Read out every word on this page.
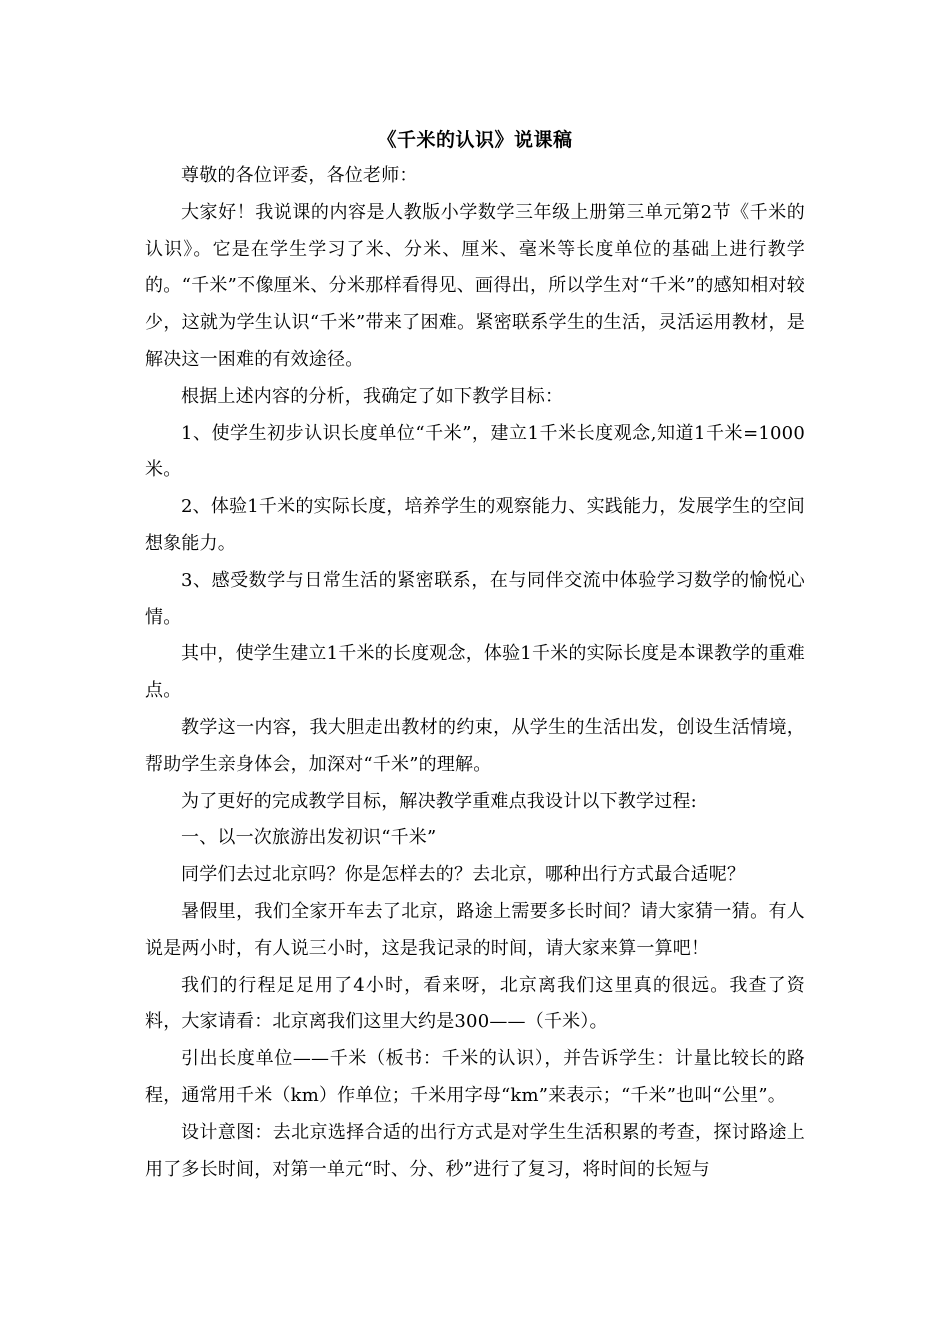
《千米的认识》说课稿

尊敬的各位评委，各位老师：

大家好！我说课的内容是人教版小学数学三年级上册第三单元第2节《千米的认识》。它是在学生学习了米、分米、厘米、毫米等长度单位的基础上进行教学的。“千米”不像厘米、分米那样看得见、画得出，所以学生对“千米”的感知相对较少，这就为学生认识“千米”带来了困难。紧密联系学生的生活，灵活运用教材，是解决这一困难的有效途径。

根据上述内容的分析，我确定了如下教学目标：

1、使学生初步认识长度单位“千米”，建立1千米长度观念,知道1千米=1000米。

2、体验1千米的实际长度，培养学生的观察能力、实践能力，发展学生的空间想象能力。

3、感受数学与日常生活的紧密联系，在与同伴交流中体验学习数学的愉悦心情。

其中，使学生建立1千米的长度观念，体验1千米的实际长度是本课教学的重难点。

教学这一内容，我大胆走出教材的约束，从学生的生活出发，创设生活情境，帮助学生亲身体会，加深对“千米”的理解。

为了更好的完成教学目标，解决教学重难点我设计以下教学过程:

一、以一次旅游出发初识“千米”

同学们去过北京吗？你是怎样去的？去北京，哪种出行方式最合适呢？

暑假里，我们全家开车去了北京，路途上需要多长时间？请大家猜一猜。有人说是两小时，有人说三小时，这是我记录的时间，请大家来算一算吧！

我们的行程足足用了4小时，看来呀，北京离我们这里真的很远。我查了资料，大家请看：北京离我们这里大约是300——（千米）。

引出长度单位——千米（板书：千米的认识），并告诉学生：计量比较长的路程，通常用千米（km）作单位；千米用字母“km”来表示；“千米”也叫“公里”。

设计意图：去北京选择合适的出行方式是对学生生活积累的考查，探讨路途上用了多长时间，对第一单元“时、分、秒”进行了复习，将时间的长短与
